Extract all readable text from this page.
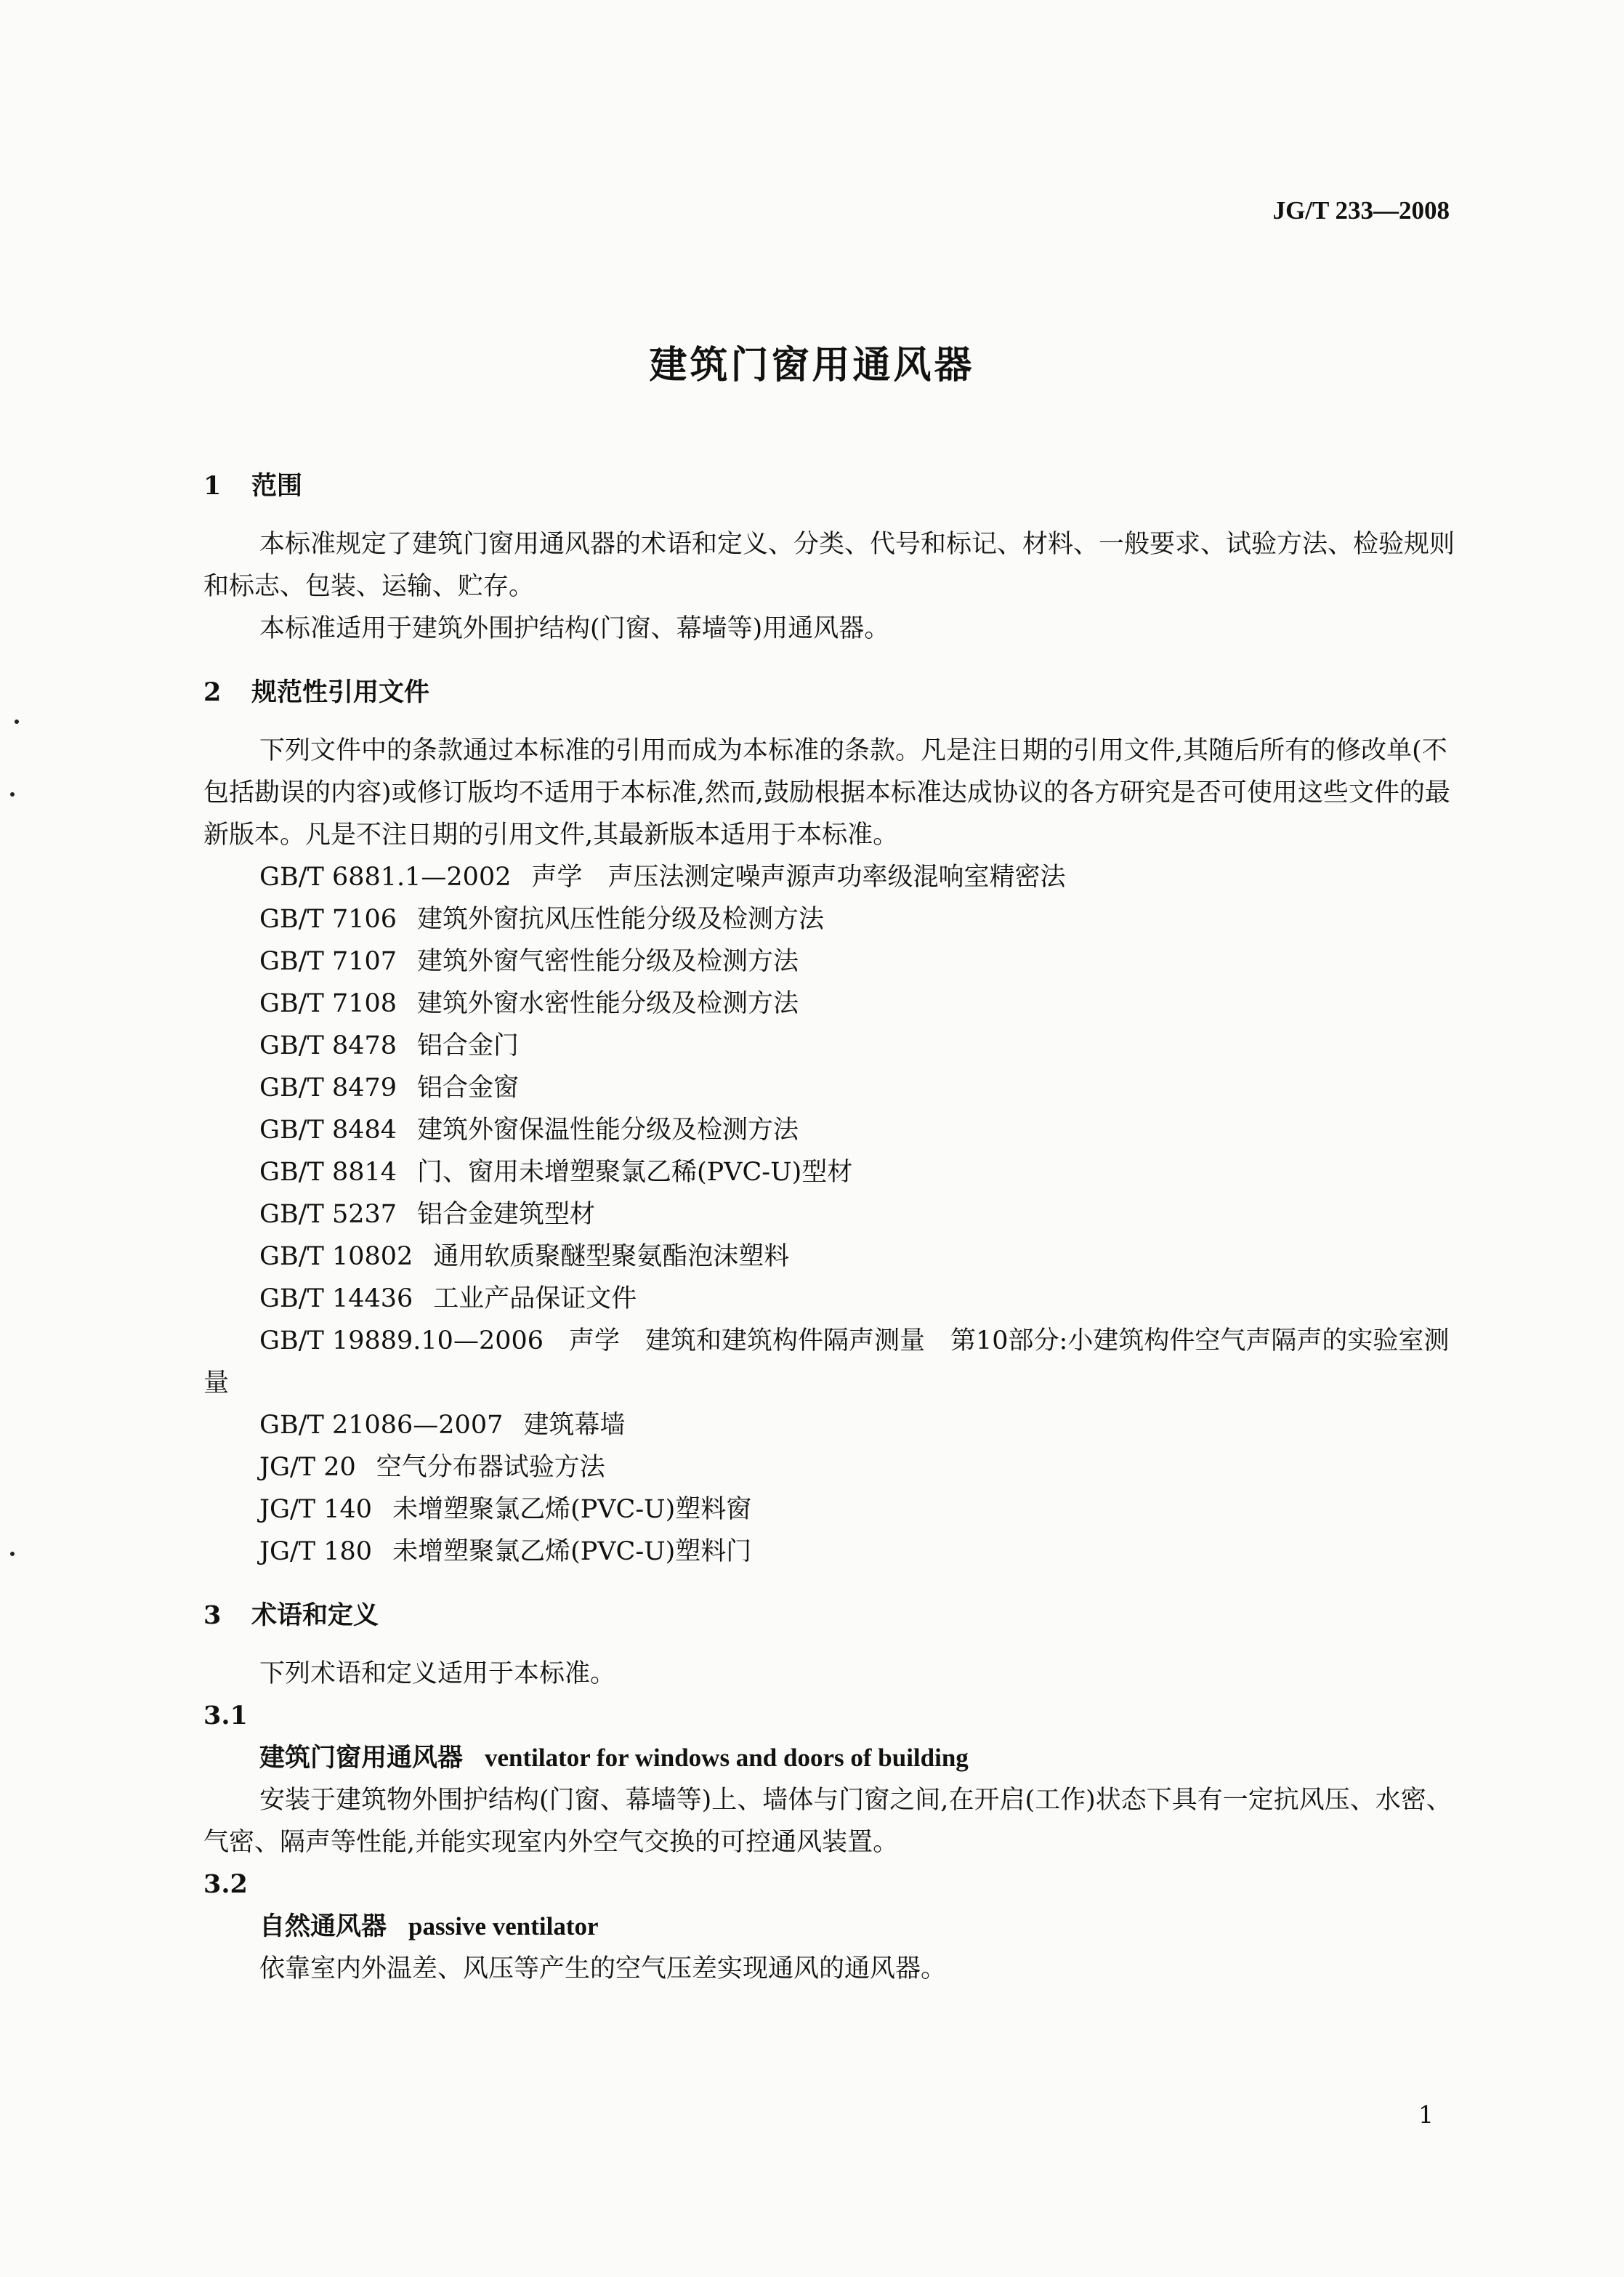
JG/T 233—2008
建筑门窗用通风器
1 范围

本标准规定了建筑门窗用通风器的术语和定义、分类、代号和标记、材料、一般要求、试验方法、检验规则和标志、包装、运输、贮存。

本标准适用于建筑外围护结构(门窗、幕墙等)用通风器。

2 规范性引用文件

下列文件中的条款通过本标准的引用而成为本标准的条款。凡是注日期的引用文件,其随后所有的修改单(不包括勘误的内容)或修订版均不适用于本标准,然而,鼓励根据本标准达成协议的各方研究是否可使用这些文件的最新版本。凡是不注日期的引用文件,其最新版本适用于本标准。

GB/T 6881.1—2002 声学　声压法测定噪声源声功率级混响室精密法

GB/T 7106 建筑外窗抗风压性能分级及检测方法

GB/T 7107 建筑外窗气密性能分级及检测方法

GB/T 7108 建筑外窗水密性能分级及检测方法

GB/T 8478 铝合金门

GB/T 8479 铝合金窗

GB/T 8484 建筑外窗保温性能分级及检测方法

GB/T 8814 门、窗用未增塑聚氯乙稀(PVC-U)型材

GB/T 5237 铝合金建筑型材

GB/T 10802 通用软质聚醚型聚氨酯泡沫塑料

GB/T 14436 工业产品保证文件

GB/T 19889.10—2006　声学　建筑和建筑构件隔声测量　第10部分:小建筑构件空气声隔声的实验室测量

GB/T 21086—2007 建筑幕墙

JG/T 20 空气分布器试验方法

JG/T 140 未增塑聚氯乙烯(PVC-U)塑料窗

JG/T 180 未增塑聚氯乙烯(PVC-U)塑料门

3 术语和定义

下列术语和定义适用于本标准。

3.1

建筑门窗用通风器 ventilator for windows and doors of building

安装于建筑物外围护结构(门窗、幕墙等)上、墙体与门窗之间,在开启(工作)状态下具有一定抗风压、水密、气密、隔声等性能,并能实现室内外空气交换的可控通风装置。

3.2

自然通风器 passive ventilator

依靠室内外温差、风压等产生的空气压差实现通风的通风器。

1
